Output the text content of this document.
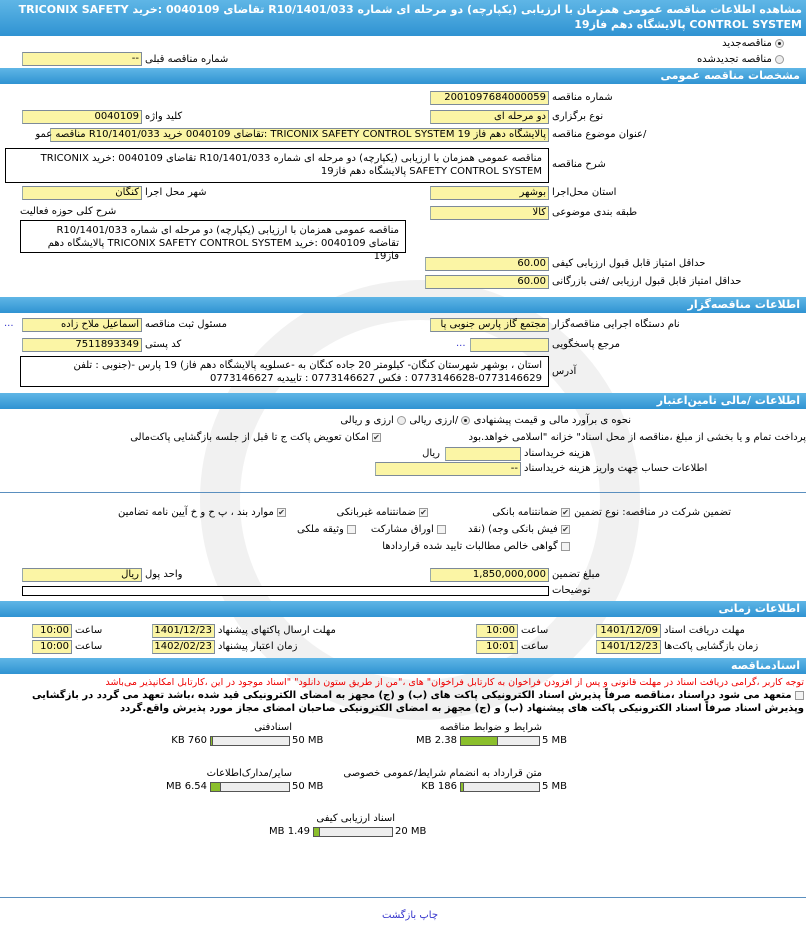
مشاهده اطلاعات مناقصه عمومی همزمان با ارزیابی (یکپارچه) دو مرحله ای شماره R10/1401/033 تقاضای 0040109 :خرید TRICONIX SAFETY CONTROL SYSTEM پالایشگاه دهم فاز19
مناقصه‌جدید
مناقصه تجدیدشده
شماره مناقصه قبلی
--
مشخصات مناقصه عمومی
شماره مناقصه
2001097684000059
نوع برگزاری
دو مرحله ای
کلید واژه
0040109
/عنوان موضوع مناقصه
پالایشگاه دهم فاز 19 TRICONIX SAFETY CONTROL SYSTEM :تقاضای 0040109 خرید R10/1401/033 مناقصه عمو
شرح مناقصه
مناقصه عمومی همزمان با ارزیابی (یکپارچه) دو مرحله ای شماره R10/1401/033 تقاضای 0040109 :خرید TRICONIX SAFETY CONTROL SYSTEM پالایشگاه دهم فاز19
استان محل‌اجرا
بوشهر
شهر محل اجرا
کنگان
طبقه بندی موضوعی
کالا
شرح کلی حوزه فعالیت
مناقصه عمومی همزمان با ارزیابی (یکپارچه) دو مرحله ای شماره R10/1401/033 تقاضای 0040109 :خرید TRICONIX SAFETY CONTROL SYSTEM پالایشگاه دهم فاز19
حداقل امتیاز قابل قبول ارزیابی کیفی
60.00
حداقل امتیاز قابل قبول ارزیابی /فنی بازرگانی
60.00
اطلاعات مناقصه‌گزار
نام دستگاه اجرایی مناقصه‌گزار
مجتمع گاز پارس جنوبی پا
مسئول ثبت مناقصه
اسماعیل ملاح زاده
...
مرجع پاسخگویی
...
کد پستی
7511893349
آدرس
استان ، بوشهر شهرستان کنگان- کیلومتر 20 جاده کنگان به -عسلویه پالایشگاه دهم فاز) 19 پارس -(جنوبی : تلفن 0773146629-0773146628 : فکس 0773146627 : تاییدیه 0773146627
اطلاعات /مالی تامین‌اعتبار
نحوه ی برآورد مالی و قیمت پیشنهادی  /ارزی ریالی
ارزی و ریالی
پرداخت تمام و یا بخشی از مبلغ ،مناقصه از محل اسناد" خزانه "اسلامی خواهد.بود
✔ امکان تعویض پاکت ج تا قبل از جلسه بازگشایی پاکت‌مالی
هزینه خریداسناد
ریال
اطلاعات حساب جهت واریز هزینه خریداسناد
--
تضمین شرکت در مناقصه: نوع تضمین
✔ ضمانتنامه بانکی
✔ ضمانتنامه غیربانکی
✔ موارد بند ، پ ح و خ آیین نامه تضامین
✔ فیش بانکی وجه) (نقد
اوراق مشارکت
وثیقه ملکی
گواهی خالص مطالبات تایید شده قراردادها
مبلغ تضمین
1,850,000,000
واحد پول
ریال
توضیحات
اطلاعات زمانی
مهلت دریافت اسناد
1401/12/09
ساعت
10:00
مهلت ارسال پاکتهای پیشنهاد
1401/12/23
ساعت
10:00
زمان بازگشایی پاکت‌ها
1401/12/23
ساعت
10:01
زمان اعتبار پیشنهاد
1402/02/23
ساعت
10:00
اسنادمناقصه
توجه کاربر ،گرامی دریافت اسناد در مهلت قانونی و پس از افزودن فراخوان به کارتابل فراخوان" های ،"من از طریق ستون دانلود" "اسناد موجود در این ،کارتابل امکانپذیر می‌باشد
متعهد می شود دراسناد ،مناقصه صرفاً پذیرش اسناد الکترونیکی پاکت های (ب) و (ج) مجهز به امضای الکترونیکی قید شده ،باشد تعهد می گردد در بازگشایی وپذیرش اسناد صرفاً اسناد الکترونیکی پاکت های پیشنهاد (ب) و (ج) مجهز به امضای الکترونیکی صاحبان امضای مجاز مورد پذیرش واقع.گردد
شرایط و ضوابط مناقصه
5 MB
2.38 MB
اسنادفنی
50 MB
760 KB
متن قرارداد به انضمام شرایط/عمومی خصوصی
5 MB
186 KB
سایر/مدارک‌اطلاعات
50 MB
6.54 MB
اسناد ارزیابی کیفی
20 MB
1.49 MB
چاپ بازگشت
